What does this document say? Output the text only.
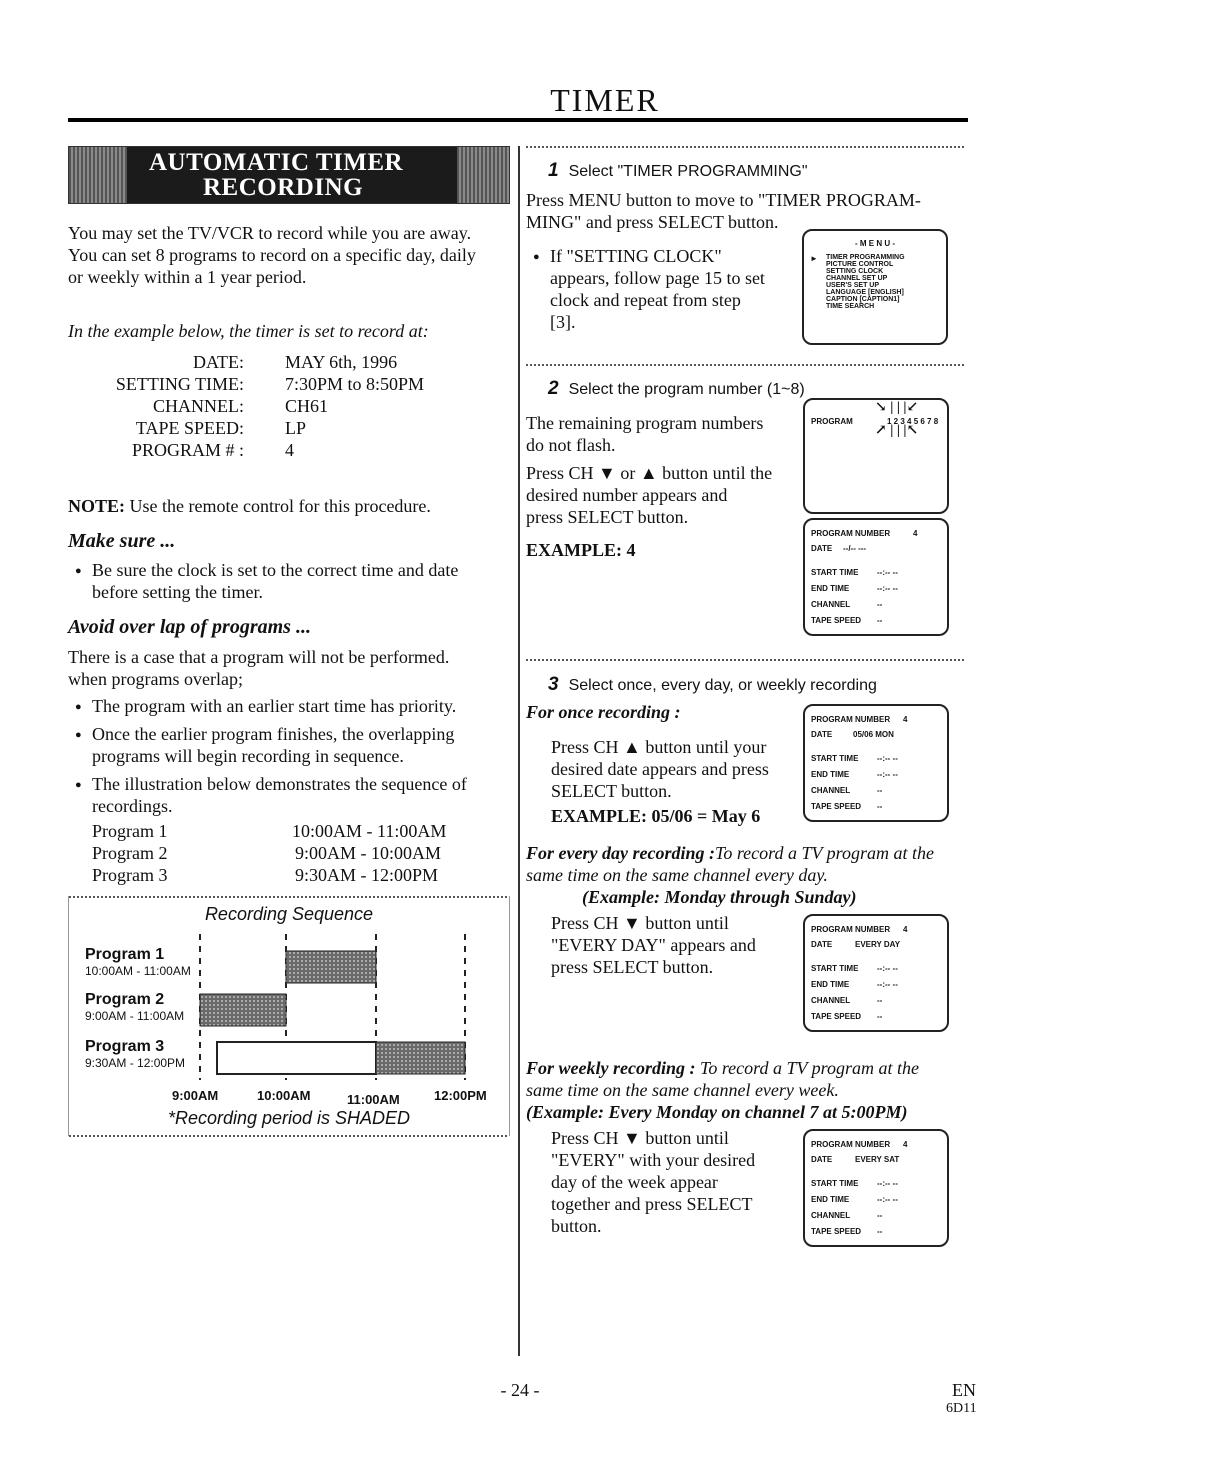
TIMER
AUTOMATIC TIMER
RECORDING
You may set the TV/VCR to record while you are away.
You can set 8 programs to record on a specific day, daily
or weekly within a 1 year period.
In the example below, the timer is set to record at:
DATE: MAY 6th, 1996
SETTING TIME: 7:30PM to 8:50PM
CHANNEL: CH61
TAPE SPEED: LP
PROGRAM # : 4
NOTE: Use the remote control for this procedure.
Make sure ...
● Be sure the clock is set to the correct time and date
before setting the timer.
Avoid over lap of programs ...
There is a case that a program will not be performed.
when programs overlap;
● The program with an earlier start time has priority.
● Once the earlier program finishes, the overlapping
programs will begin recording in sequence.
● The illustration below demonstrates the sequence of
recordings.
Program 1	10:00AM - 11:00AM
Program 2	9:00AM - 10:00AM
Program 3	9:30AM - 12:00PM
Recording Sequence
Program 1
10:00AM - 11:00AM
Program 2
9:00AM - 11:00AM
Program 3
9:30AM - 12:00PM
9:00AM	10:00AM	11:00AM	12:00PM
*Recording period is SHADED
1 Select "TIMER PROGRAMMING"
Press MENU button to move to "TIMER PROGRAM-
MING" and press SELECT button.
● If "SETTING CLOCK"
appears, follow page 15 to set
clock and repeat from step
[3].
- M E N U -
► TIMER PROGRAMMING
PICTURE CONTROL
SETTING CLOCK
CHANNEL SET UP
USER'S SET UP
LANGUAGE [ENGLISH]
CAPTION [CAPTION1]
TIME SEARCH
2 Select the program number (1~8)
The remaining program numbers
do not flash.
Press CH ▼ or ▲ button until the
desired number appears and
press SELECT button.
EXAMPLE: 4
PROGRAM	1 2 3 4 5 6 7 8
↘ | | |↙
↗ | | |↖
PROGRAM NUMBER	4
DATE --/-- ---
START TIME --:-- --
END TIME	--:-- --
CHANNEL	--
TAPE SPEED --
3 Select once, every day, or weekly recording
For once recording :
Press CH ▲ button until your
desired date appears and press
SELECT button.
EXAMPLE: 05/06 = May 6
PROGRAM NUMBER 4
DATE	05/06 MON
START TIME --:-- --
END TIME	--:-- --
CHANNEL	--
TAPE SPEED --
For every day recording :To record a TV program at the
same time on the same channel every day.
(Example: Monday through Sunday)
Press CH ▼ button until
"EVERY DAY" appears and
press SELECT button.
PROGRAM NUMBER 4
DATE	EVERY DAY
START TIME --:-- --
END TIME	--:-- --
CHANNEL	--
TAPE SPEED --
For weekly recording : To record a TV program at the
same time on the same channel every week.
(Example: Every Monday on channel 7 at 5:00PM)
Press CH ▼ button until
"EVERY" with your desired
day of the week appear
together and press SELECT
button.
PROGRAM NUMBER 4
DATE	EVERY SAT
START TIME --:-- --
END TIME	--:-- --
CHANNEL	--
TAPE SPEED --
- 24 -	EN
6D11
